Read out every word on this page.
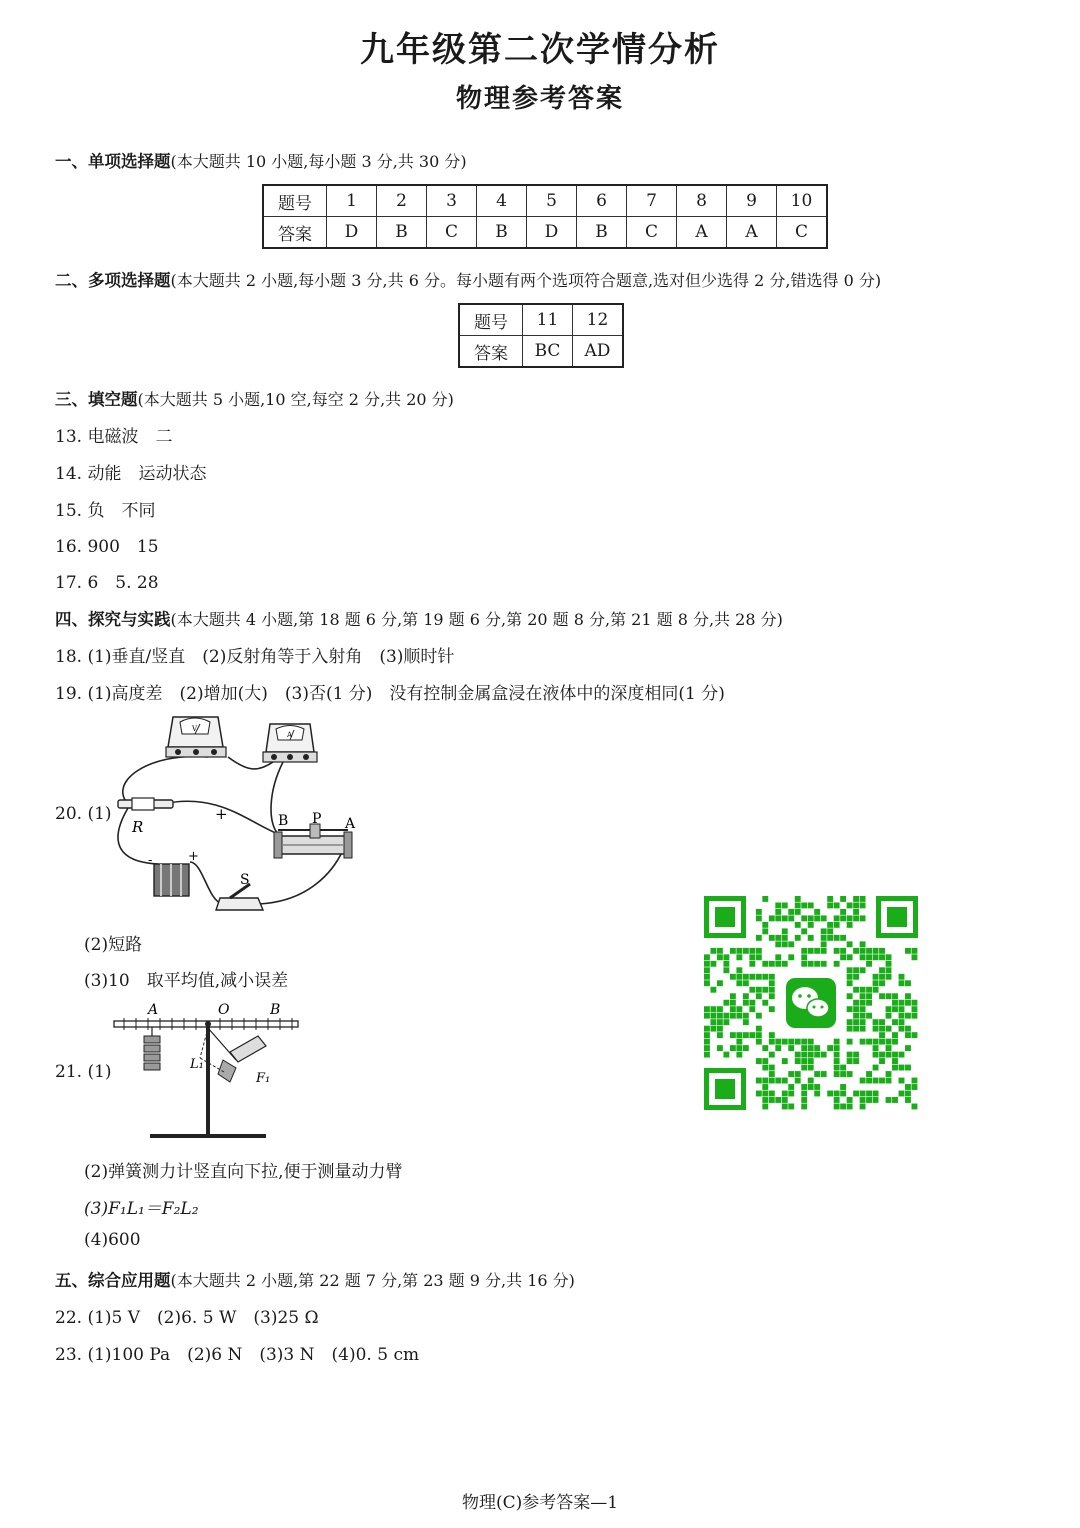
九年级第二次学情分析
物理参考答案
一、单项选择题(本大题共 10 小题,每小题 3 分,共 30 分)
题号	1	2	3	4	5	6	7	8	9	10
答案	D	B	C	B	D	B	C	A	A	C
二、多项选择题(本大题共 2 小题,每小题 3 分,共 6 分。每小题有两个选项符合题意,选对但少选得 2 分,错选得 0 分)
题号	11	12
答案	BC	AD
三、填空题(本大题共 5 小题,10 空,每空 2 分,共 20 分)
13. 电磁波　二
14. 动能　运动状态
15. 负　不同
16. 900　15
17. 6　5. 28
四、探究与实践(本大题共 4 小题,第 18 题 6 分,第 19 题 6 分,第 20 题 8 分,第 21 题 8 分,共 28 分)
18. (1)垂直/竖直　(2)反射角等于入射角　(3)顺时针
19. (1)高度差　(2)增加(大)　(3)否(1 分)　没有控制金属盒浸在液体中的深度相同(1 分)
20. (1)
V
A
R
+	B P A
-	+
S
(2)短路
(3)10　取平均值,减小误差
21. (1)
A	O	B
L₁
F₁
(2)弹簧测力计竖直向下拉,便于测量动力臂
(3)F₁L₁＝F₂L₂
(4)600
五、综合应用题(本大题共 2 小题,第 22 题 7 分,第 23 题 9 分,共 16 分)
22. (1)5 V　(2)6. 5 W　(3)25 Ω
23. (1)100 Pa　(2)6 N　(3)3 N　(4)0. 5 cm
物理(C)参考答案—1
